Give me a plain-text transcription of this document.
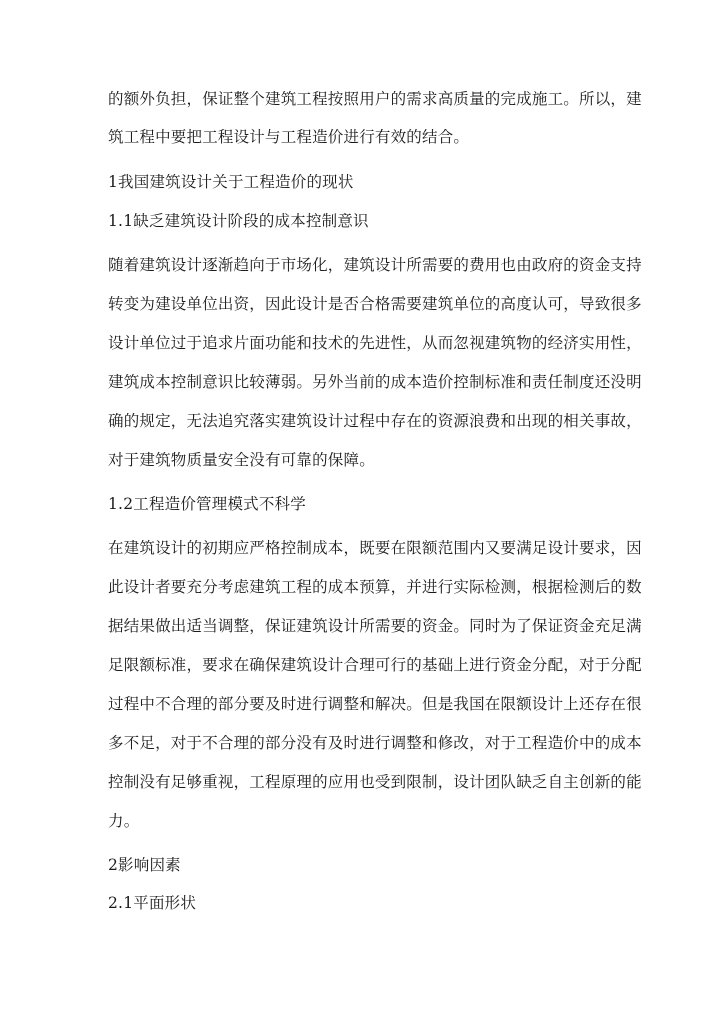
的额外负担，保证整个建筑工程按照用户的需求高质量的完成施工。所以，建
筑工程中要把工程设计与工程造价进行有效的结合。
1我国建筑设计关于工程造价的现状
1.1缺乏建筑设计阶段的成本控制意识
随着建筑设计逐渐趋向于市场化，建筑设计所需要的费用也由政府的资金支持
转变为建设单位出资，因此设计是否合格需要建筑单位的高度认可，导致很多
设计单位过于追求片面功能和技术的先进性，从而忽视建筑物的经济实用性，
建筑成本控制意识比较薄弱。另外当前的成本造价控制标准和责任制度还没明
确的规定，无法追究落实建筑设计过程中存在的资源浪费和出现的相关事故，
对于建筑物质量安全没有可靠的保障。
1.2工程造价管理模式不科学
在建筑设计的初期应严格控制成本，既要在限额范围内又要满足设计要求，因
此设计者要充分考虑建筑工程的成本预算，并进行实际检测，根据检测后的数
据结果做出适当调整，保证建筑设计所需要的资金。同时为了保证资金充足满
足限额标准，要求在确保建筑设计合理可行的基础上进行资金分配，对于分配
过程中不合理的部分要及时进行调整和解决。但是我国在限额设计上还存在很
多不足，对于不合理的部分没有及时进行调整和修改，对于工程造价中的成本
控制没有足够重视，工程原理的应用也受到限制，设计团队缺乏自主创新的能
力。
2影响因素
2.1平面形状
